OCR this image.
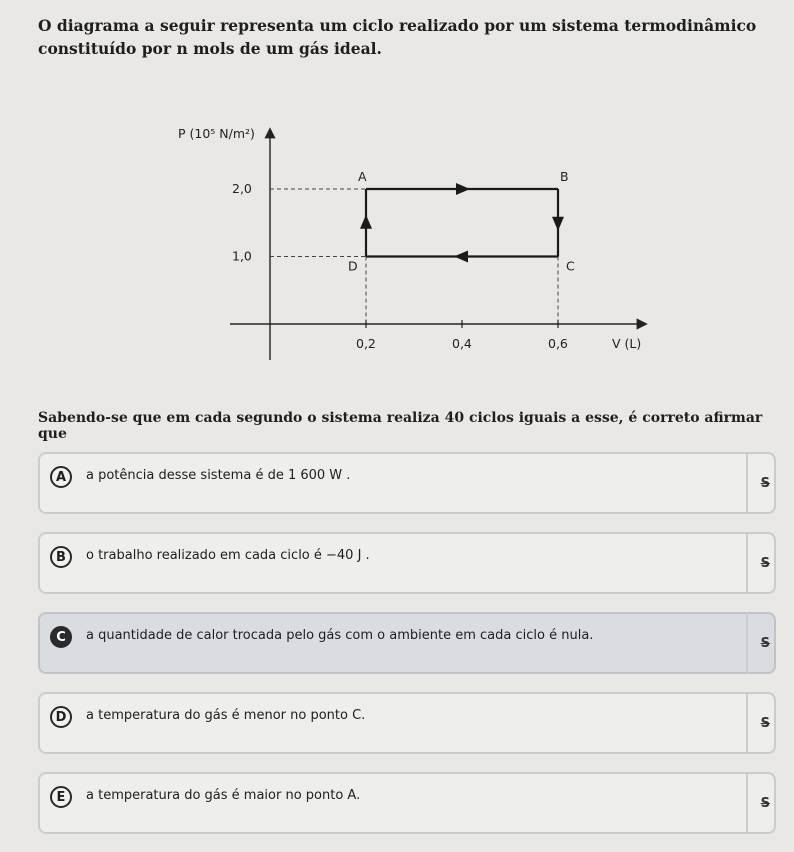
O diagrama a seguir representa um ciclo realizado por um sistema termodinâmico constituído por n mols de um gás ideal.
P (10⁵ N/m²)
V (L)
2,0
1,0
0,2	0,4	0,6
A	B
C
D
Sabendo-se que em cada segundo o sistema realiza 40 ciclos iguais a esse, é correto afirmar que
A	a potência desse sistema é de 1 600 W .
S
B	o trabalho realizado em cada ciclo é −40 J .
S
C	a quantidade de calor trocada pelo gás com o ambiente em cada ciclo é nula.
S
D	a temperatura do gás é menor no ponto C.
S
E	a temperatura do gás é maior no ponto A.
S
